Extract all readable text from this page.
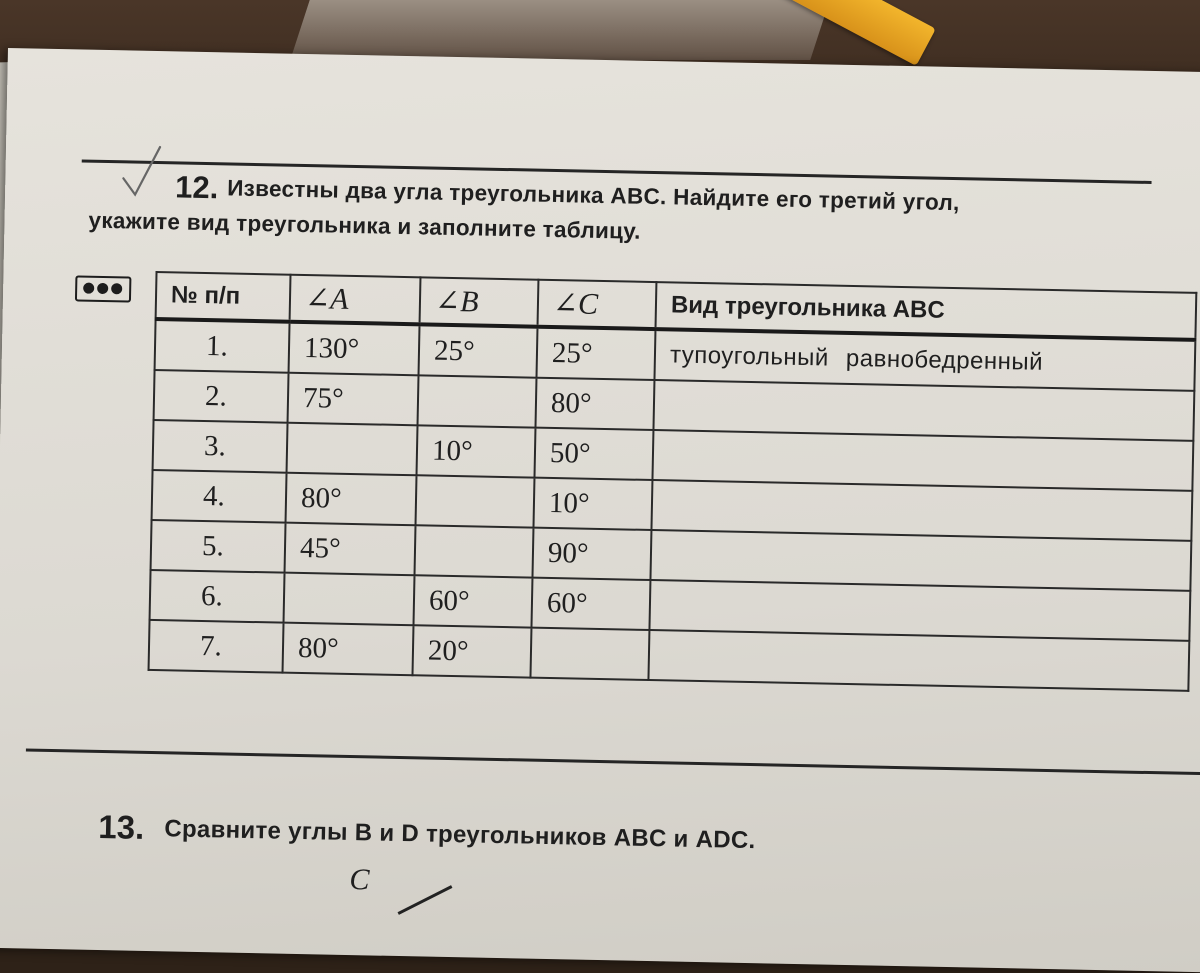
12. Известны два угла треугольника ABC. Найдите его третий угол,
укажите вид треугольника и заполните таблицу.
№ п/п	∠A	∠B	∠C	Вид треугольника ABC
1.	130°	25°	25°	тупоугольный равнобедренный
2.	75°		80°	
3.		10°	50°	
4.	80°		10°	
5.	45°		90°	
6.		60°	60°	
7.	80°	20°		
13. Сравните углы B и D треугольников ABC и ADC.
C
